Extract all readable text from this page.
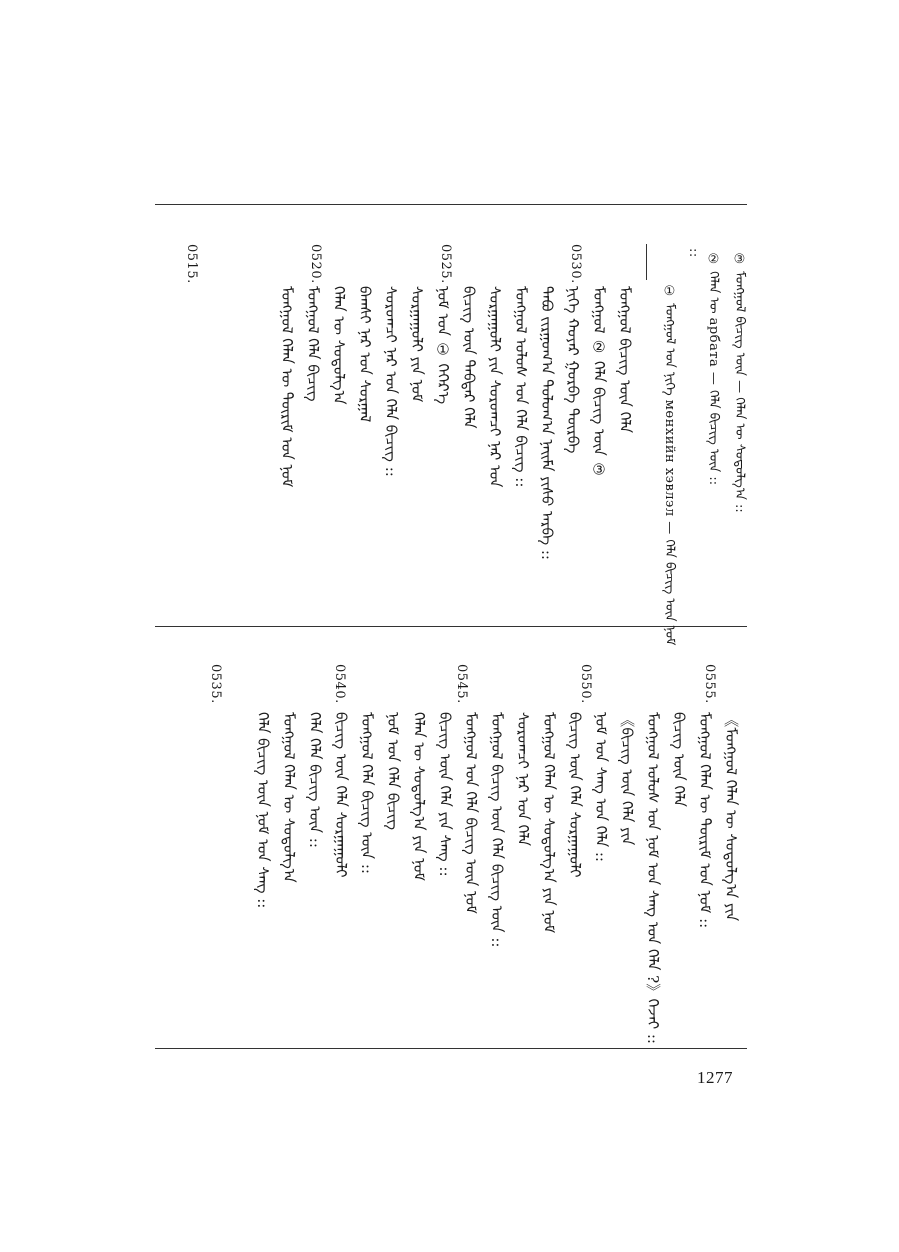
③ ᠮᠣᠩᠭᠣᠯ ᠪᠢᠴᠢᠭ ᠦᠨ — ᠬᠡᠯᠡᠨ ᠦ ᠰᠤᠳᠤᠯᠭ᠎ᠠ ::
② ᠬᠡᠯᠡᠨ ᠦ арбата — ᠬᠡᠯᠡ ᠪᠢᠴᠢᠭ ᠦᠨ ::
::
① ᠮᠣᠩᠭᠣᠯ ᠤᠨ ᠨᠢᠭᠡ мөнхийн хэвлэл — ᠬᠡᠯᠡ ᠪᠢᠴᠢᠭ ᠦᠨ ᠨᠣᠮ
ᠮᠣᠩᠭᠣᠯ ᠪᠢᠴᠢᠭ ᠦᠨ ᠬᠡᠯᠡ
ᠮᠣᠩᠭᠣᠯ ② ᠬᠡᠯᠡ ᠪᠢᠴᠢᠭ ᠦᠨ ③
ᠨᠢᠭᠡ ᠬᠣᠶᠠᠷ ᠭᠤᠷᠪᠠ ᠳᠥᠷᠪᠡ
ᠲᠠᠪᠤ ᠵᠢᠷᠭᠤᠭ᠎ᠠ ᠳᠣᠯᠣᠭ᠎ᠠ ᠨᠠᠢᠮᠠ ᠶᠢᠰᠦ ᠠᠷᠪᠠ ::
ᠮᠣᠩᠭᠣᠯ ᠤᠯᠤᠰ ᠤᠨ ᠬᠡᠯᠡ ᠪᠢᠴᠢᠭ ::
ᠰᠤᠷᠭᠠᠭᠤᠯᠢ ᠶᠢᠨ ᠰᠤᠷᠤᠭᠴᠢ ᠨᠠᠷ ᠤᠨ
ᠪᠢᠴᠢᠭ ᠦᠨ ᠳᠡᠪᠲᠡᠷ ᠬᠡᠯᠡ
ᠨᠣᠮ ᠤᠨ ① ᠬᠡᠭᠡᠷ᠎ᠡ
ᠰᠤᠷᠭᠠᠭᠤᠯᠢ ᠶᠢᠨ ᠨᠣᠮ
ᠰᠤᠷᠤᠭᠴᠢ ᠨᠠᠷ ᠤᠨ ᠬᠡᠯᠡ ᠪᠢᠴᠢᠭ ::
ᠪᠠᠭᠰᠢ ᠨᠠᠷ ᠤᠨ ᠰᠤᠷᠭᠠᠯ
ᠬᠡᠯᠡᠨ ᠦ ᠰᠤᠳᠤᠯᠭ᠎ᠠ
ᠮᠣᠩᠭᠣᠯ ᠬᠡᠯᠡ ᠪᠢᠴᠢᠭ
ᠮᠣᠩᠭᠣᠯ ᠬᠡᠯᠡᠨ ᠦ ᠳᠦᠷᠢᠮ ᠤᠨ ᠨᠣᠮ
0530.
0525.
0520.
0515.
《ᠮᠣᠩᠭᠣᠯ ᠬᠡᠯᠡᠨ ᠦ ᠰᠤᠳᠤᠯᠭ᠎ᠠ ᠶᠢᠨ
ᠮᠣᠩᠭᠣᠯ ᠬᠡᠯᠡᠨ ᠦ ᠳᠦᠷᠢᠮ ᠤᠨ ᠨᠣᠮ ::
ᠪᠢᠴᠢᠭ ᠦᠨ ᠬᠡᠯᠡ
ᠮᠣᠩᠭᠣᠯ ᠤᠯᠤᠰ ᠤᠨ ᠨᠣᠮ ᠤᠨ ᠰᠠᠩ ᠤᠨ ᠬᠡᠯᠡ ?》ᠭᠡᠵᠡᠢ ::
《ᠪᠢᠴᠢᠭ ᠦᠨ ᠬᠡᠯᠡ ᠶᠢᠨ
ᠨᠣᠮ ᠤᠨ ᠰᠠᠩ ᠤᠨ ᠬᠡᠯᠡ ::
ᠪᠢᠴᠢᠭ ᠦᠨ ᠬᠡᠯᠡ ᠰᠤᠷᠭᠠᠭᠤᠯᠢ
ᠮᠣᠩᠭᠣᠯ ᠬᠡᠯᠡᠨ ᠦ ᠰᠤᠳᠤᠯᠭ᠎ᠠ ᠶᠢᠨ ᠨᠣᠮ
ᠰᠤᠷᠤᠭᠴᠢ ᠨᠠᠷ ᠤᠨ ᠬᠡᠯᠡ
ᠮᠣᠩᠭᠣᠯ ᠪᠢᠴᠢᠭ ᠦᠨ ᠬᠡᠯᠡ ᠪᠢᠴᠢᠭ ᠦᠨ ::
ᠮᠣᠩᠭᠣᠯ ᠤᠨ ᠬᠡᠯᠡ ᠪᠢᠴᠢᠭ ᠦᠨ ᠨᠣᠮ
ᠪᠢᠴᠢᠭ ᠦᠨ ᠬᠡᠯᠡ ᠶᠢᠨ ᠰᠠᠩ ::
ᠬᠡᠯᠡᠨ ᠦ ᠰᠤᠳᠤᠯᠭ᠎ᠠ ᠶᠢᠨ ᠨᠣᠮ
ᠨᠣᠮ ᠤᠨ ᠬᠡᠯᠡ ᠪᠢᠴᠢᠭ
ᠮᠣᠩᠭᠣᠯ ᠬᠡᠯᠡ ᠪᠢᠴᠢᠭ ᠦᠨ ::
ᠪᠢᠴᠢᠭ ᠦᠨ ᠬᠡᠯᠡ ᠰᠤᠷᠭᠠᠭᠤᠯᠢ
ᠬᠡᠯᠡ ᠬᠡᠯᠡ ᠪᠢᠴᠢᠭ ᠦᠨ ::
ᠮᠣᠩᠭᠣᠯ ᠬᠡᠯᠡᠨ ᠦ ᠰᠤᠳᠤᠯᠭ᠎ᠠ
ᠬᠡᠯᠡ ᠪᠢᠴᠢᠭ ᠦᠨ ᠨᠣᠮ ᠤᠨ ᠰᠠᠩ ::
0555.
0550.
0545.
0540.
0535.
1277
